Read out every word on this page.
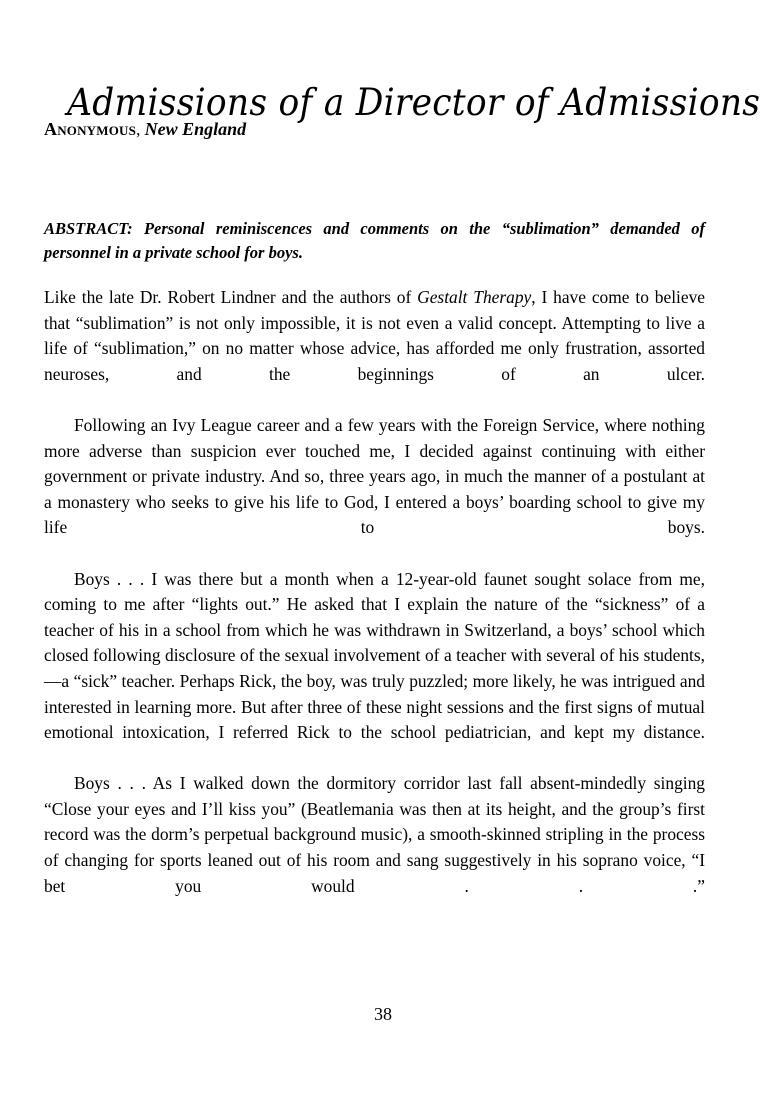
Admissions of a Director of Admissions
Anonymous, New England

ABSTRACT: Personal reminiscences and comments on the “sublimation” demanded of personnel in a private school for boys.

Like the late Dr. Robert Lindner and the authors of Gestalt Therapy, I have come to believe that “sublimation” is not only impossible, it is not even a valid concept. Attempting to live a life of “sublimation,” on no matter whose advice, has afforded me only frustration, assorted neuroses, and the beginnings of an ulcer.

Following an Ivy League career and a few years with the Foreign Service, where nothing more adverse than suspicion ever touched me, I decided against continuing with either government or private industry. And so, three years ago, in much the manner of a postulant at a monastery who seeks to give his life to God, I entered a boys’ boarding school to give my life to boys.

Boys . . . I was there but a month when a 12-year-old faunet sought solace from me, coming to me after “lights out.” He asked that I explain the nature of the “sickness” of a teacher of his in a school from which he was withdrawn in Switzerland, a boys’ school which closed following disclosure of the sexual involvement of a teacher with several of his students,—a “sick” teacher. Perhaps Rick, the boy, was truly puzzled; more likely, he was intrigued and interested in learning more. But after three of these night sessions and the first signs of mutual emotional intoxication, I referred Rick to the school pediatrician, and kept my distance.

Boys . . . As I walked down the dormitory corridor last fall absent-mindedly singing “Close your eyes and I’ll kiss you” (Beatlemania was then at its height, and the group’s first record was the dorm’s perpetual background music), a smooth-skinned stripling in the process of changing for sports leaned out of his room and sang suggestively in his soprano voice, “I bet you would . . .”

38
